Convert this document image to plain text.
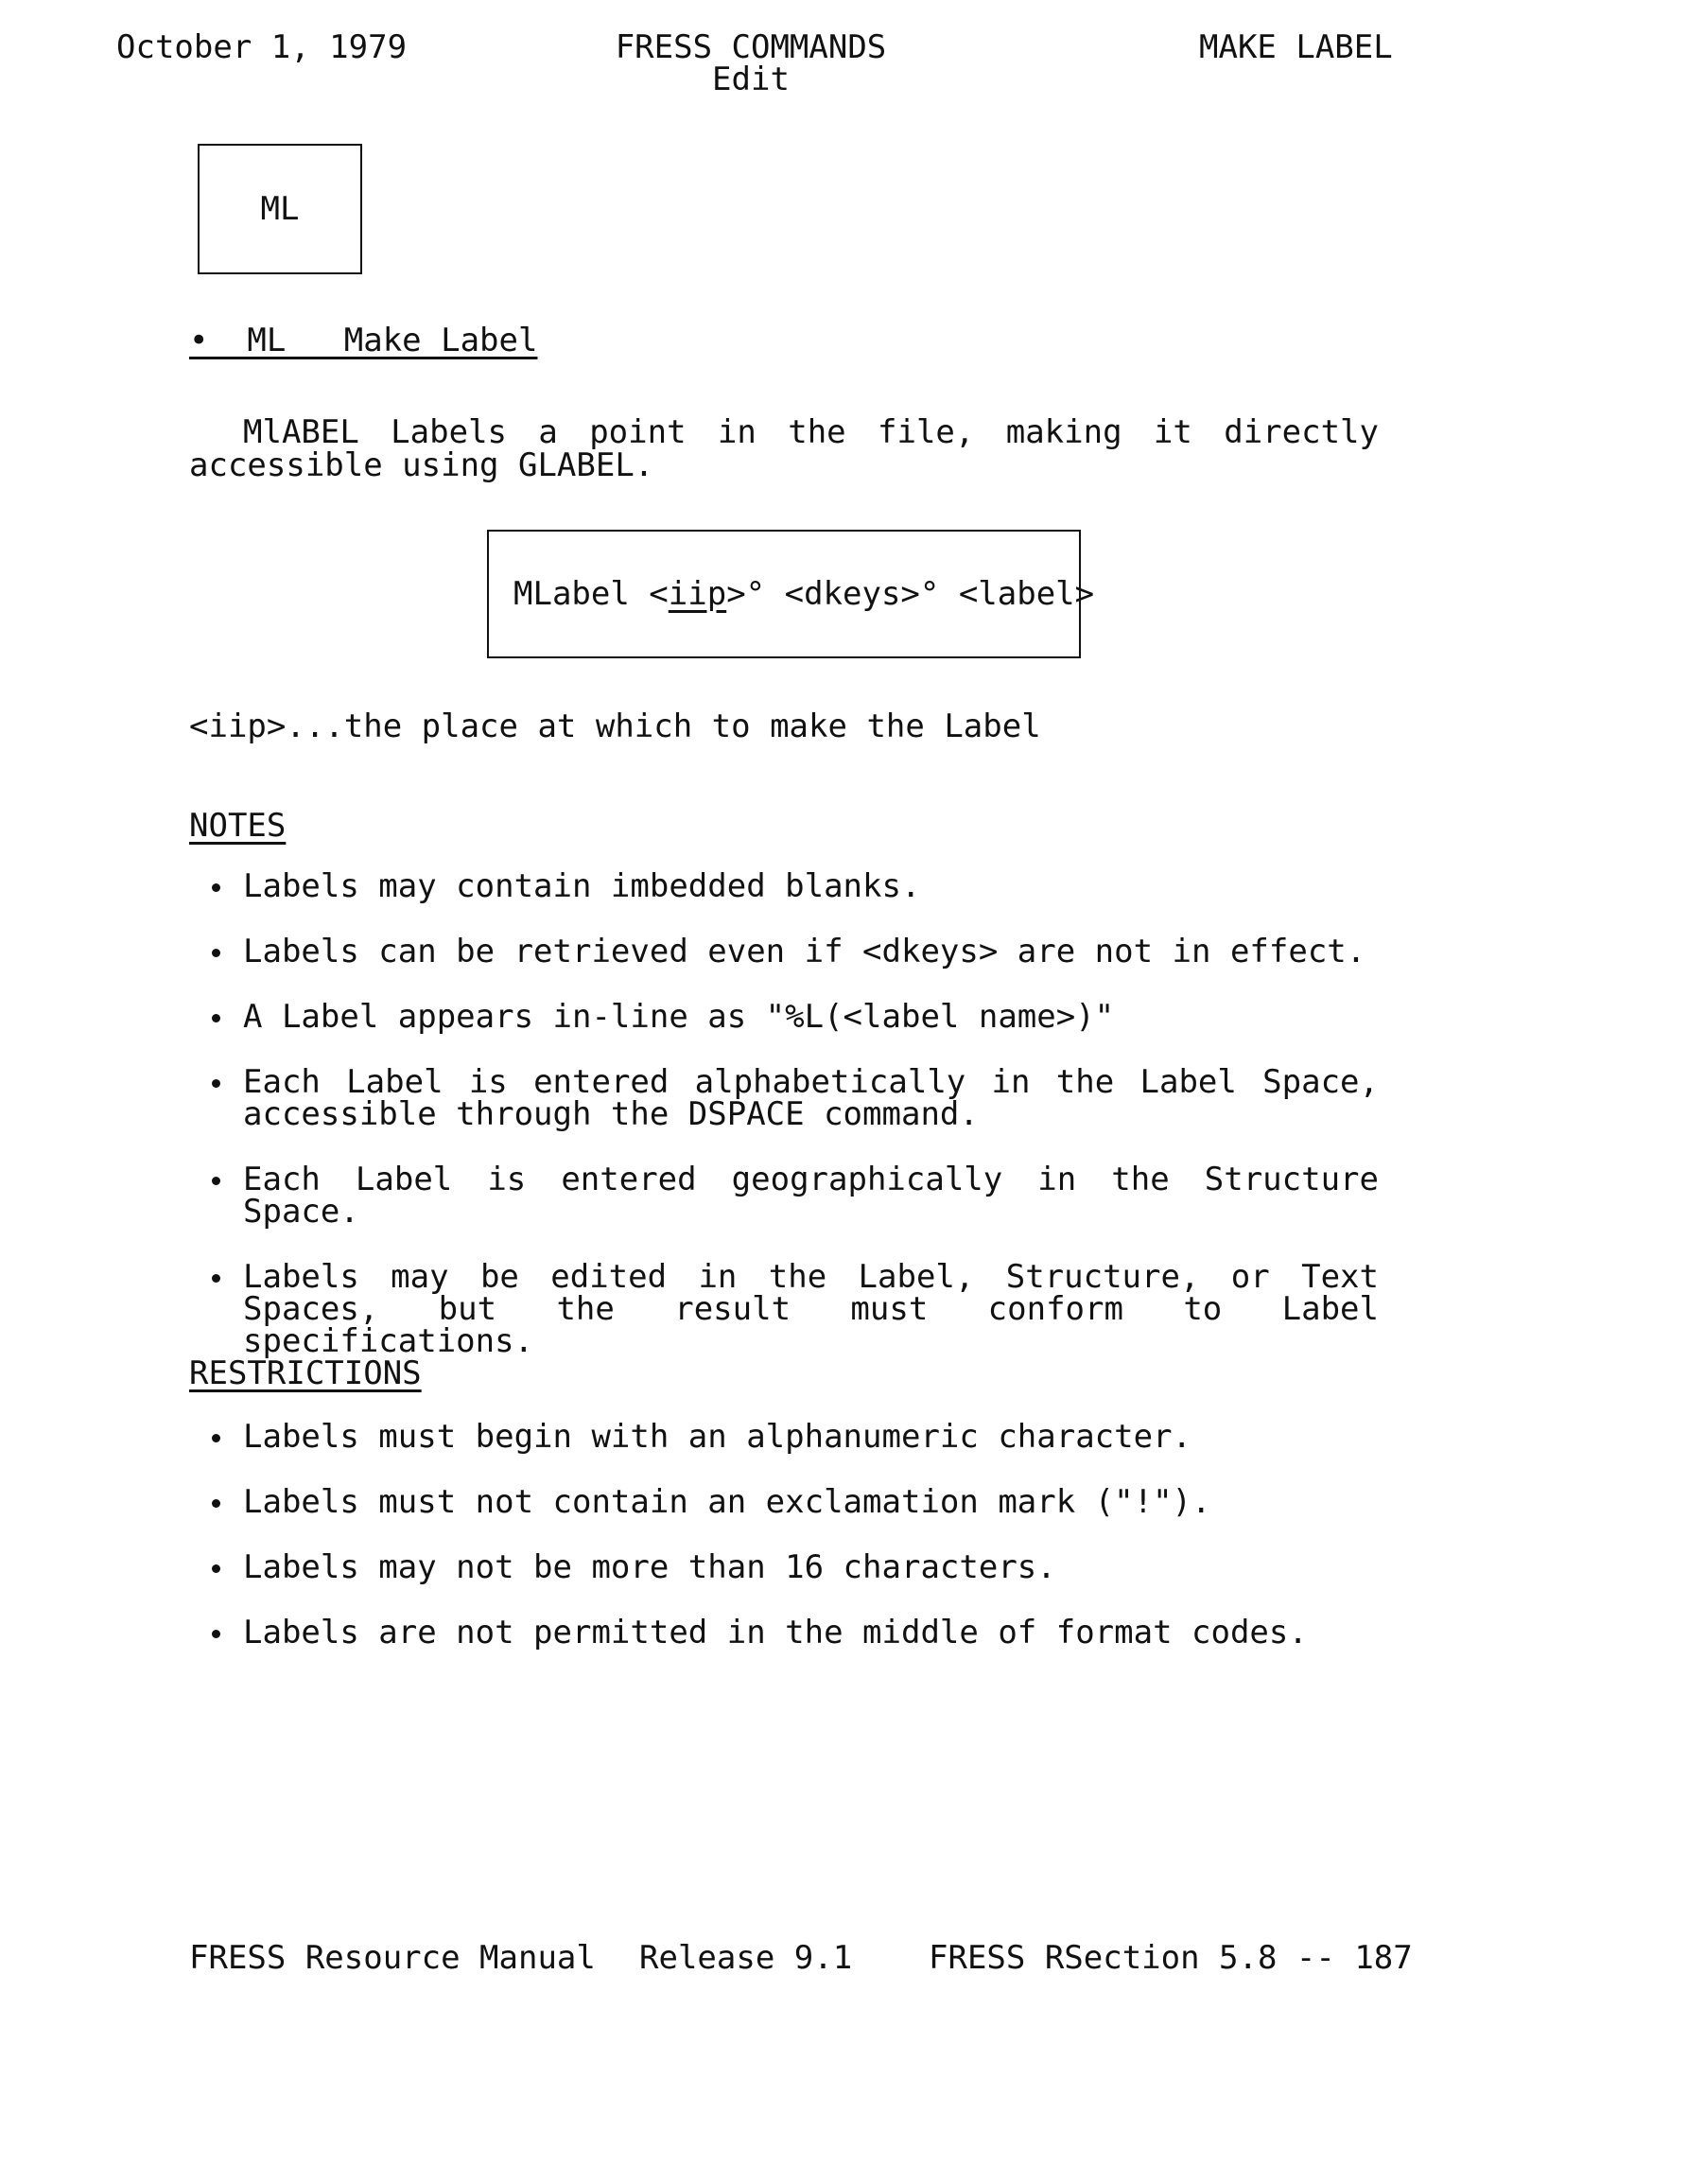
October 1, 1979	FRESS COMMANDS
Edit
MAKE LABEL
ML
•  ML   Make Label
MlABEL Labels a point in the file, making it directly accessible using GLABEL.
MLabel < iip >° <dkeys>° <label>
<iip>...the place at which to make the Label
NOTES
Labels may contain imbedded blanks.
Labels can be retrieved even if <dkeys> are not in effect.
A Label appears in-line as "%L(<label name>)"
Each Label is entered alphabetically in the Label Space, accessible through the DSPACE command.
Each Label is entered geographically in the Structure Space.
Labels may be edited in the Label, Structure, or Text Spaces, but the result must conform to Label specifications.
RESTRICTIONS
Labels must begin with an alphanumeric character.
Labels must not contain an exclamation mark ("!").
Labels may not be more than 16 characters.
Labels are not permitted in the middle of format codes.
FRESS Resource Manual Release 9.1 FRESS RSection 5.8 -- 187
